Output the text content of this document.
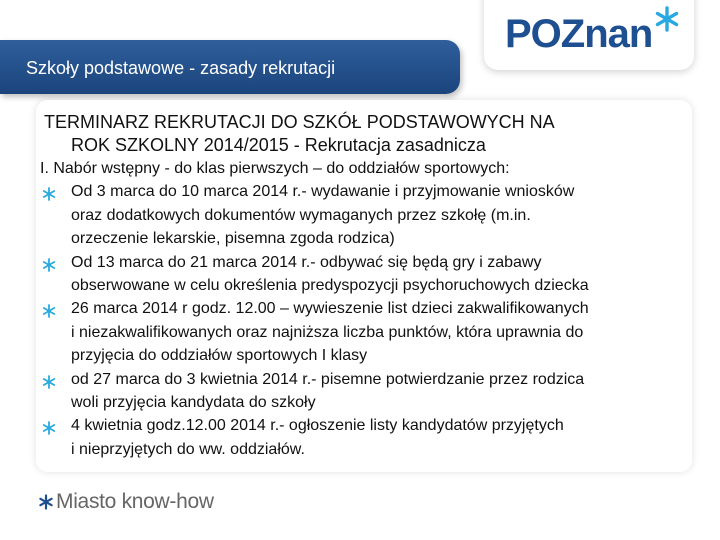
POZnan
Szkoły podstawowe - zasady rekrutacji
TERMINARZ REKRUTACJI DO SZKÓŁ PODSTAWOWYCH NA
ROK SZKOLNY 2014/2015 - Rekrutacja zasadnicza
I. Nabór wstępny - do klas pierwszych – do oddziałów sportowych:
Od 3 marca do 10 marca 2014 r.- wydawanie i przyjmowanie wniosków
oraz dodatkowych dokumentów wymaganych przez szkołę (m.in.
orzeczenie lekarskie, pisemna zgoda rodzica)
Od 13 marca do 21 marca 2014 r.- odbywać się będą gry i zabawy
obserwowane w celu określenia predyspozycji psychoruchowych dziecka
26 marca 2014 r godz. 12.00 – wywieszenie list dzieci zakwalifikowanych
i niezakwalifikowanych oraz najniższa liczba punktów, która uprawnia do
przyjęcia do oddziałów sportowych I klasy
od 27 marca do 3 kwietnia 2014 r.- pisemne potwierdzanie przez rodzica
woli przyjęcia kandydata do szkoły
4 kwietnia godz.12.00 2014 r.- ogłoszenie listy kandydatów przyjętych
i nieprzyjętych do ww. oddziałów.
Miasto know-how
